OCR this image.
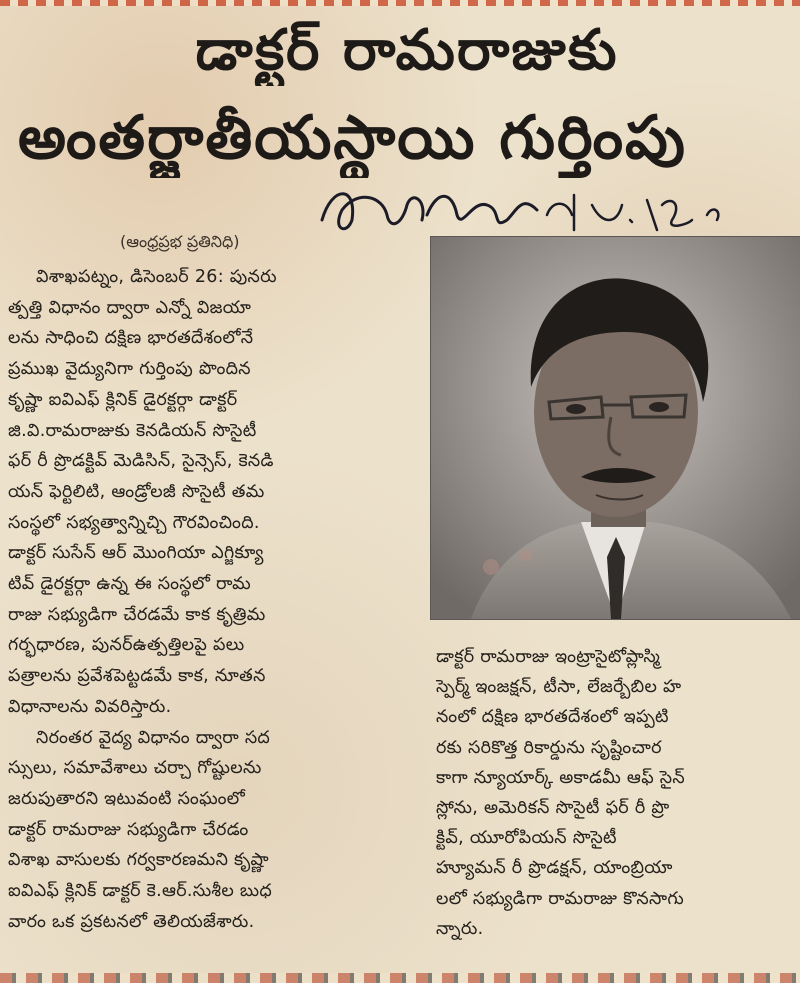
డాక్టర్ రామరాజుకు
అంతర్జాతీయస్థాయి గుర్తింపు
(ఆంధ్రప్రభ ప్రతినిధి)
విశాఖపట్నం, డిసెంబర్ 26: పునరు
త్పత్తి విధానం ద్వారా ఎన్నో విజయా
లను సాధించి దక్షిణ భారతదేశంలోనే
ప్రముఖ వైద్యునిగా గుర్తింపు పొందిన
కృష్ణా ఐవిఎఫ్ క్లినిక్ డైరక్టర్గా డాక్టర్
జి.వి.రామరాజుకు కెనడియన్ సొసైటీ
ఫర్ రీ ప్రొడక్టివ్ మెడిసిన్, సైన్సెస్, కెనడి
యన్ ఫెర్టిలిటి, ఆండ్రోలజీ సొసైటీ తమ
సంస్థలో సభ్యత్వాన్నిచ్చి గౌరవించింది.
డాక్టర్ సుసేన్ ఆర్ మొంగియా ఎగ్జిక్యూ
టివ్ డైరక్టర్గా ఉన్న ఈ సంస్థలో రామ
రాజు సభ్యుడిగా చేరడమే కాక కృత్రిమ
గర్భధారణ, పునర్ఉత్పత్తిలపై పలు
పత్రాలను ప్రవేశపెట్టడమే కాక, నూతన
విధానాలను వివరిస్తారు.
నిరంతర వైద్య విధానం ద్వారా సద
స్సులు, సమావేశాలు చర్చా గోష్టులను
జరుపుతారని ఇటువంటి సంఘంలో
డాక్టర్ రామరాజు సభ్యుడిగా చేరడం
విశాఖ వాసులకు గర్వకారణమని కృష్ణా
ఐవిఎఫ్ క్లినిక్ డాక్టర్ కె.ఆర్.సుశీల బుధ
వారం ఒక ప్రకటనలో తెలియజేశారు.
డాక్టర్ రామరాజు ఇంట్రాసైటోప్లాస్మి
స్పెర్మ్ ఇంజక్షన్, టీసా, లేజర్బేబిల హ
నంలో దక్షిణ భారతదేశంలో ఇప్పటి
రకు సరికొత్త రికార్డును సృష్టించార
కాగా న్యూయార్క్ అకాడమీ ఆఫ్ సైన్
స్లోను, అమెరికన్ సొసైటీ ఫర్ రీ ప్రొ
క్టివ్, యూరోపియన్ సొసైటీ
హ్యూమన్ రీ ప్రొడక్షన్, యాంబ్రియా
లలో సభ్యుడిగా రామరాజు కొనసాగు
న్నారు.
